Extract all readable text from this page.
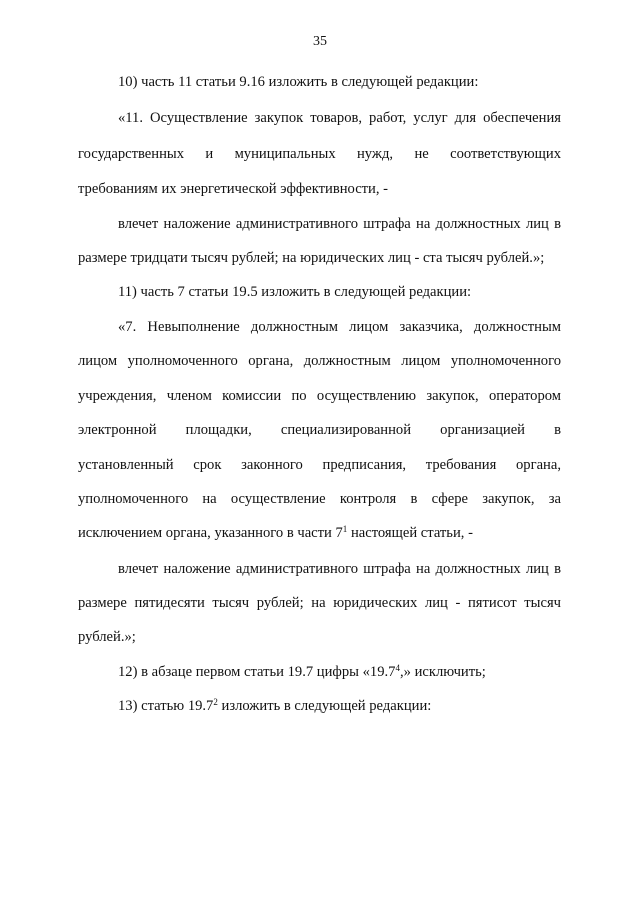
35
10) часть 11 статьи 9.16 изложить в следующей редакции:
«11. Осуществление закупок товаров, работ, услуг для обеспечения
государственных и муниципальных нужд, не соответствующих
требованиям их энергетической эффективности, -
влечет наложение административного штрафа на должностных лиц в
размере тридцати тысяч рублей; на юридических лиц - ста тысяч рублей.»;
11) часть 7 статьи 19.5 изложить в следующей редакции:
«7. Невыполнение должностным лицом заказчика, должностным
лицом уполномоченного органа, должностным лицом уполномоченного
учреждения, членом комиссии по осуществлению закупок, оператором
электронной площадки, специализированной организацией в
установленный срок законного предписания, требования органа,
уполномоченного на осуществление контроля в сфере закупок, за
исключением органа, указанного в части $7^1$ настоящей статьи, -
влечет наложение административного штрафа на должностных лиц в
размере пятидесяти тысяч рублей; на юридических лиц - пятисот тысяч
рублей.»;
12) в абзаце первом статьи 19.7 цифры «19.7$^4$,» исключить;
13) статью 19.7$^2$ изложить в следующей редакции:
